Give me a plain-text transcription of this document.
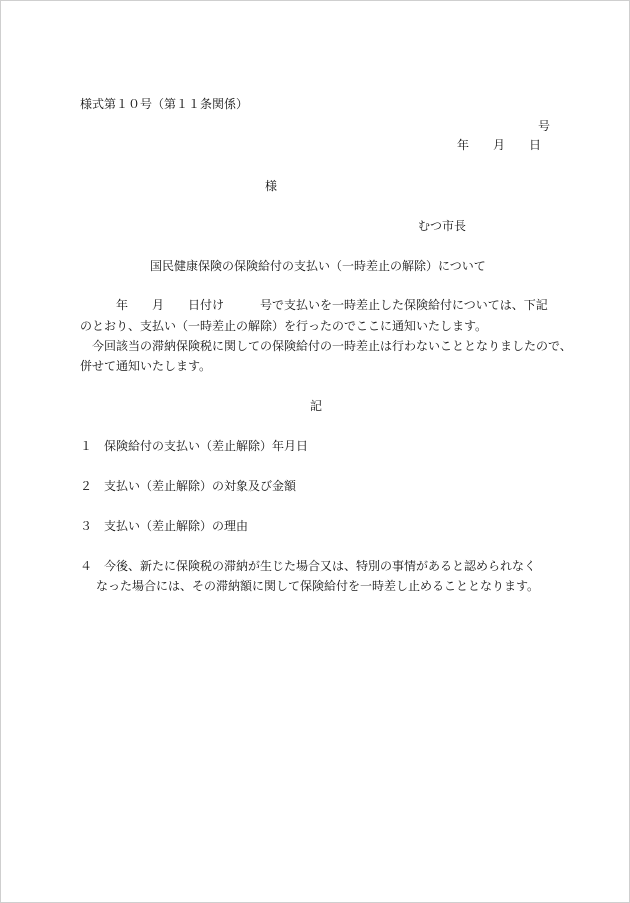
様式第１０号（第１１条関係）
号
年　　月　　日
様
むつ市長
国民健康保険の保険給付の支払い（一時差止の解除）について
　　　年　　月　　日付け　　　号で支払いを一時差止した保険給付については、下記
のとおり、支払い（一時差止の解除）を行ったのでここに通知いたします。
　今回該当の滞納保険税に関しての保険給付の一時差止は行わないこととなりましたので、
併せて通知いたします。
記
１ 保険給付の支払い（差止解除）年月日
２ 支払い（差止解除）の対象及び金額
３ 支払い（差止解除）の理由
４ 今後、新たに保険税の滞納が生じた場合又は、特別の事情があると認められなく
なった場合には、その滞納額に関して保険給付を一時差し止めることとなります。
